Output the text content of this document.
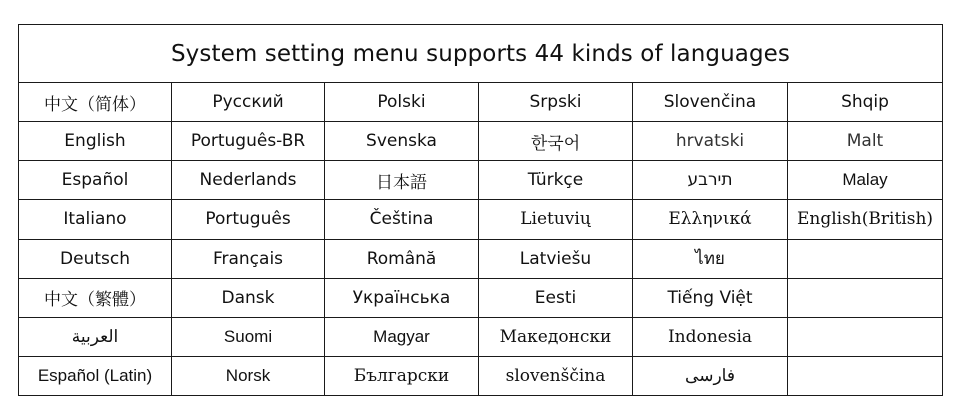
System setting menu supports 44 kinds of languages					
中文（简体）	Русский	Polski	Srpski	Slovenčina	Shqip
English	Português-BR	Svenska	한국어	hrvatski	Malt
Español	Nederlands	日本語	Türkçe	תירבע	Malay
Italiano	Português	Čeština	Lietuvių	Ελληνικά	English(British)
Deutsch	Français	Română	Latviešu	ไทย	
中文（繁體）	Dansk	Українська	Eesti	Tiếng Việt	
العربية	Suomi	Magyar	Македонски	Indonesia	
Español (Latin)	Norsk	Български	slovenščina	فارسی	
